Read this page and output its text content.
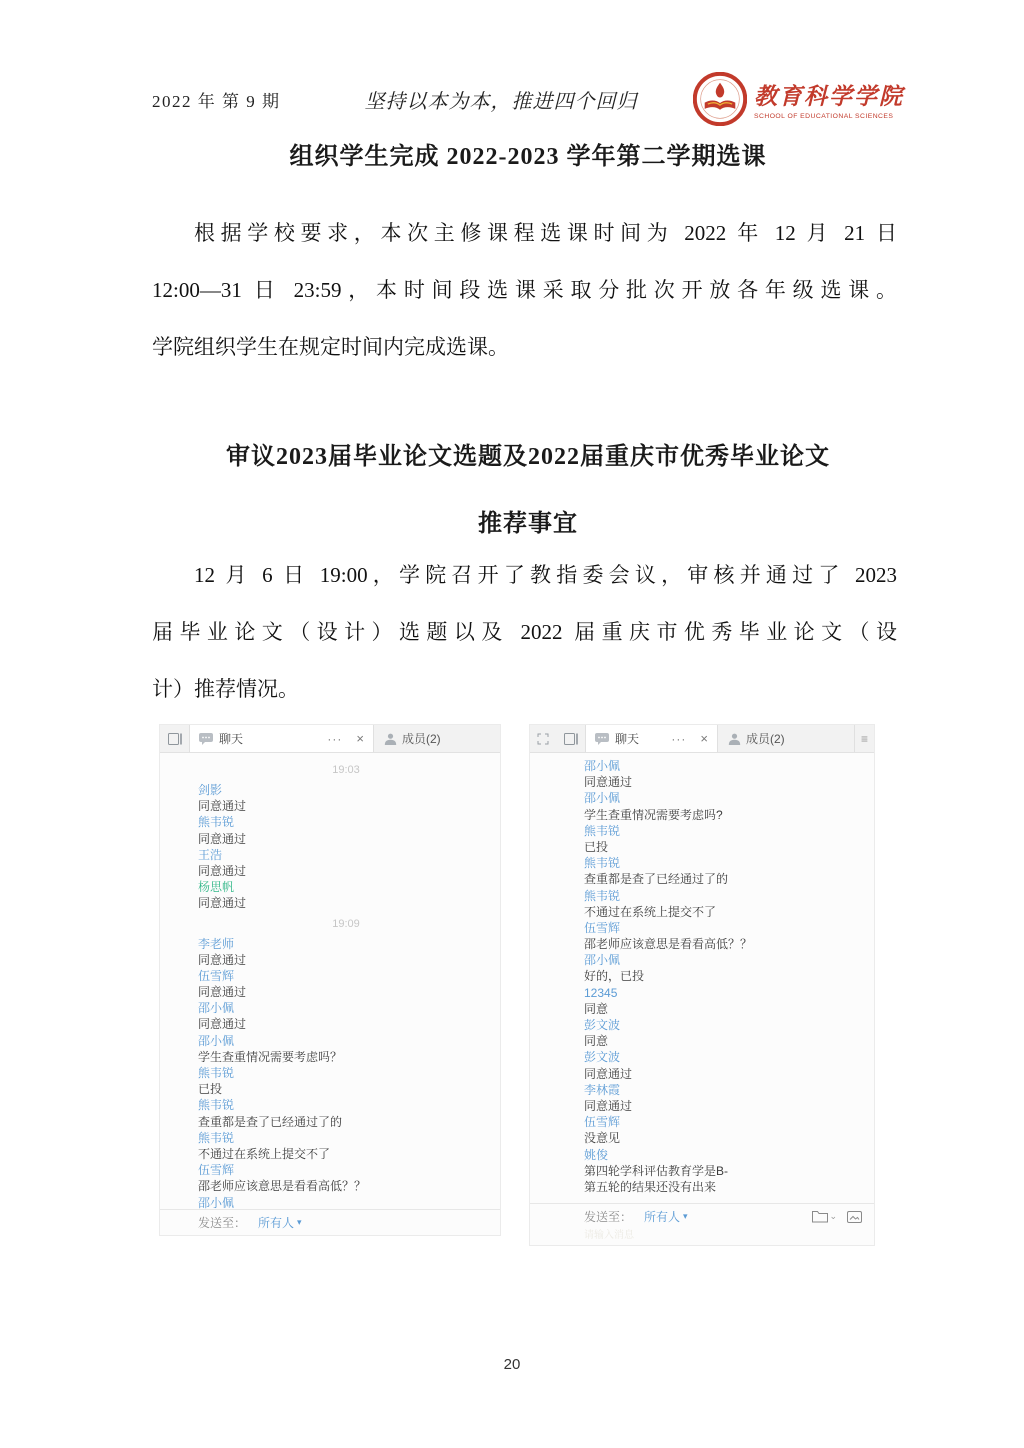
2022 年 第 9 期	坚持以本为本，推进四个回归	教育科学学院
SCHOOL OF EDUCATIONAL SCIENCES
组织学生完成 2022-2023 学年第二学期选课
根据学校要求，本次主修课程选课时间为 2022 年 12 月 21 日
12:00—31 日 23:59，本时间段选课采取分批次开放各年级选课。
学院组织学生在规定时间内完成选课。
审议2023届毕业论文选题及2022届重庆市优秀毕业论文
推荐事宜
12 月 6 日 19:00，学院召开了教指委会议，审核并通过了 2023
届毕业论文（设计）选题以及 2022 届重庆市优秀毕业论文（设
计）推荐情况。
聊天	··· ×	成员(2)
19:03
剑影
同意通过
熊韦锐
同意通过
王浩
同意通过
杨思帆
同意通过
19:09
李老师
同意通过
伍雪辉
同意通过
邵小佩
同意通过
邵小佩
学生查重情况需要考虑吗？
熊韦锐
已投
熊韦锐
查重都是查了已经通过了的
熊韦锐
不通过在系统上提交不了
伍雪辉
邵老师应该意思是看看高低？？
邵小佩
发送至： 所有人 ▾
聊天	··· ×	成员(2)	≡
邵小佩
同意通过
邵小佩
学生查重情况需要考虑吗?
熊韦锐
已投
熊韦锐
查重都是查了已经通过了的
熊韦锐
不通过在系统上提交不了
伍雪辉
邵老师应该意思是看看高低？？
邵小佩
好的，已投
12345
同意
彭文波
同意
彭文波
同意通过
李林霞
同意通过
伍雪辉
没意见
姚俊
第四轮学科评估教育学是B-
第五轮的结果还没有出来
发送至： 所有人 ▾	⌄
请输入消息
20
